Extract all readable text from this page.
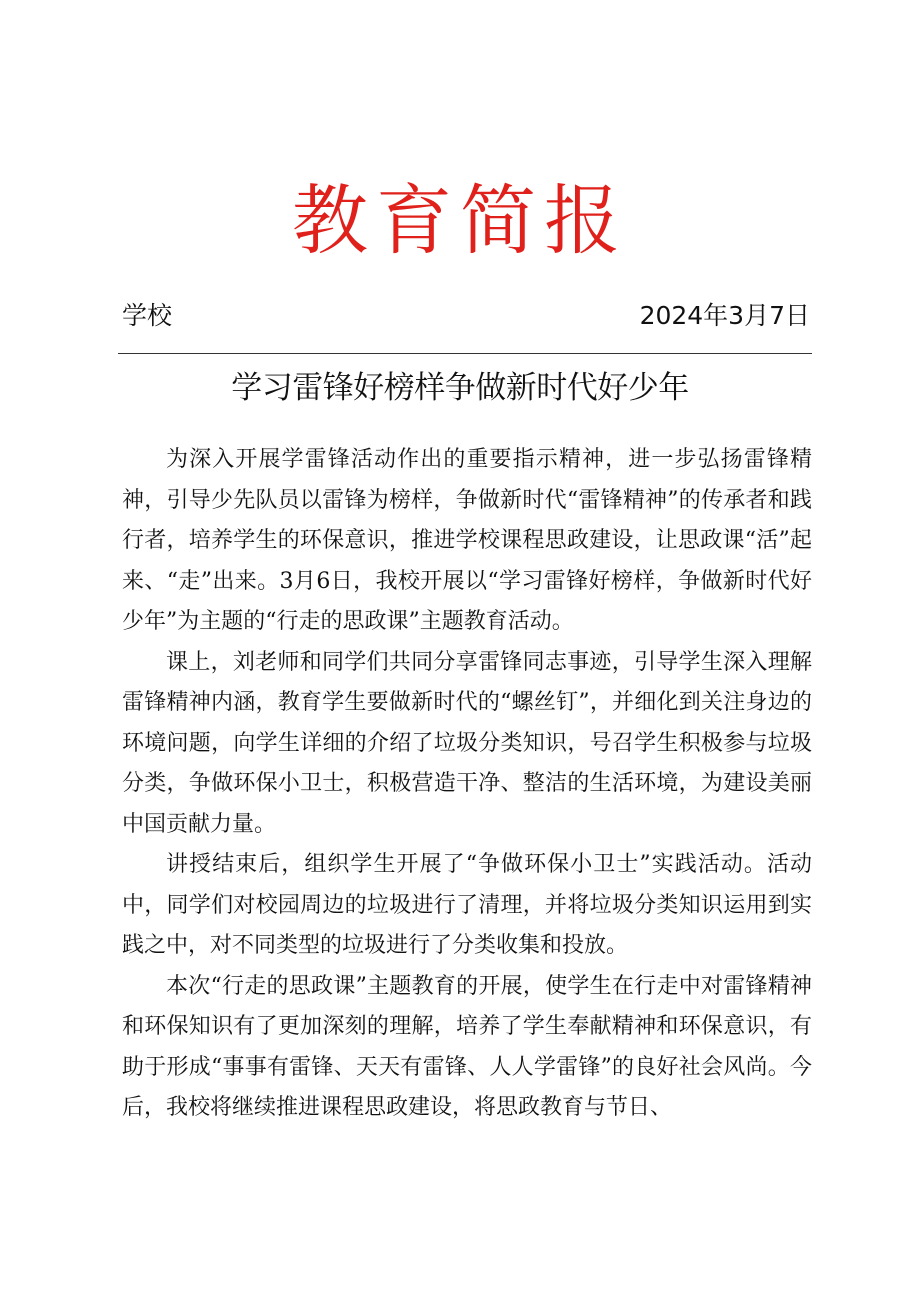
教育简报
学校	2024年3月7日
学习雷锋好榜样争做新时代好少年

为深入开展学雷锋活动作出的重要指示精神，进一步弘扬雷锋精神，引导少先队员以雷锋为榜样，争做新时代“雷锋精神”的传承者和践行者，培养学生的环保意识，推进学校课程思政建设，让思政课“活”起来、“走”出来。3月6日，我校开展以“学习雷锋好榜样，争做新时代好少年”为主题的“行走的思政课”主题教育活动。

课上，刘老师和同学们共同分享雷锋同志事迹，引导学生深入理解雷锋精神内涵，教育学生要做新时代的“螺丝钉”，并细化到关注身边的环境问题，向学生详细的介绍了垃圾分类知识，号召学生积极参与垃圾分类，争做环保小卫士，积极营造干净、整洁的生活环境，为建设美丽中国贡献力量。

讲授结束后，组织学生开展了“争做环保小卫士”实践活动。活动中，同学们对校园周边的垃圾进行了清理，并将垃圾分类知识运用到实践之中，对不同类型的垃圾进行了分类收集和投放。

本次“行走的思政课”主题教育的开展，使学生在行走中对雷锋精神和环保知识有了更加深刻的理解，培养了学生奉献精神和环保意识，有助于形成“事事有雷锋、天天有雷锋、人人学雷锋”的良好社会风尚。今后，我校将继续推进课程思政建设，将思政教育与节日、
